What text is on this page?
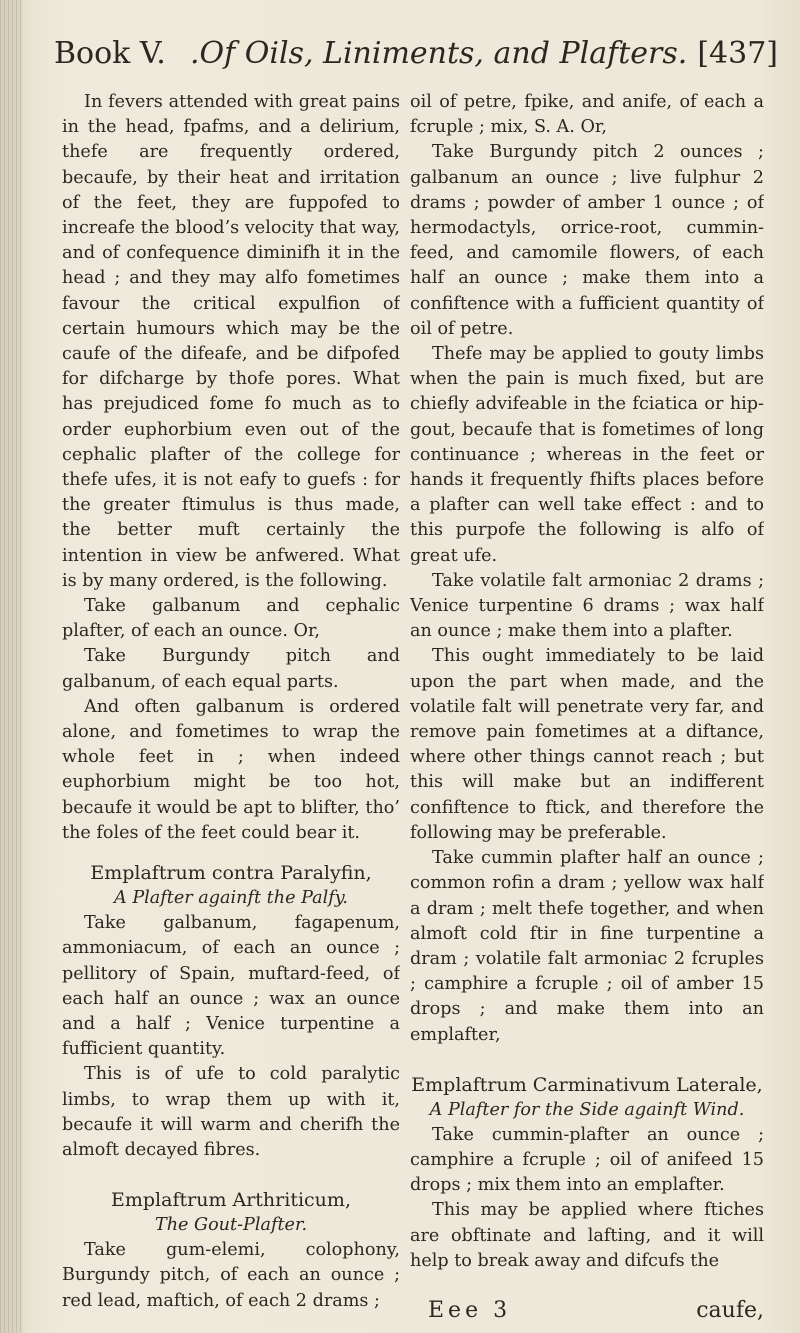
Book V. .Of Oils, Liniments, and Plafters. [437]

In fevers attended with great pains in the head, fpafms, and a delirium, thefe are frequently ordered, becaufe, by their heat and irritation of the feet, they are fuppofed to increafe the blood’s velocity that way, and of confequence diminifh it in the head ; and they may alfo fometimes favour the critical expulfion of certain humours which may be the caufe of the difeafe, and be difpofed for difcharge by thofe pores. What has prejudiced fome fo much as to order euphorbium even out of the cephalic plafter of the college for thefe ufes, it is not eafy to guefs : for the greater ftimulus is thus made, the better muft certainly the intention in view be anfwered. What is by many ordered, is the following.

Take galbanum and cephalic plafter, of each an ounce. Or,

Take Burgundy pitch and galbanum, of each equal parts.

And often galbanum is ordered alone, and fometimes to wrap the whole feet in ; when indeed euphorbium might be too hot, becaufe it would be apt to blifter, tho’ the foles of the feet could bear it.

Emplaftrum contra Paralyfin,
A Plafter againft the Palfy.

Take galbanum, fagapenum, ammoniacum, of each an ounce ; pellitory of Spain, muftard-feed, of each half an ounce ; wax an ounce and a half ; Venice turpentine a fufficient quantity.

This is of ufe to cold paralytic limbs, to wrap them up with it, becaufe it will warm and cherifh the almoft decayed fibres.

Emplaftrum Arthriticum,
The Gout-Plafter.

Take gum-elemi, colophony, Burgundy pitch, of each an ounce ; red lead, maftich, of each 2 drams ;

oil of petre, fpike, and anife, of each a fcruple ; mix, S. A. Or,

Take Burgundy pitch 2 ounces ; galbanum an ounce ; live fulphur 2 drams ; powder of amber 1 ounce ; of hermodactyls, orrice-root, cummin-feed, and camomile flowers, of each half an ounce ; make them into a confiftence with a fufficient quantity of oil of petre.

Thefe may be applied to gouty limbs when the pain is much fixed, but are chiefly advifeable in the fciatica or hip-gout, becaufe that is fometimes of long continuance ; whereas in the feet or hands it frequently fhifts places before a plafter can well take effect : and to this purpofe the following is alfo of great ufe.

Take volatile falt armoniac 2 drams ; Venice turpentine 6 drams ; wax half an ounce ; make them into a plafter.

This ought immediately to be laid upon the part when made, and the volatile falt will penetrate very far, and remove pain fometimes at a diftance, where other things cannot reach ; but this will make but an indifferent confiftence to ftick, and therefore the following may be preferable.

Take cummin plafter half an ounce ; common rofin a dram ; yellow wax half a dram ; melt thefe together, and when almoft cold ftir in fine turpentine a dram ; volatile falt armoniac 2 fcruples ; camphire a fcruple ; oil of amber 15 drops ; and make them into an emplafter,

Emplaftrum Carminativum Laterale,
A Plafter for the Side againft Wind.

Take cummin-plafter an ounce ; camphire a fcruple ; oil of anifeed 15 drops ; mix them into an emplafter.

This may be applied where ftiches are obftinate and lafting, and it will help to break away and difcufs the

Eee 3	caufe,
